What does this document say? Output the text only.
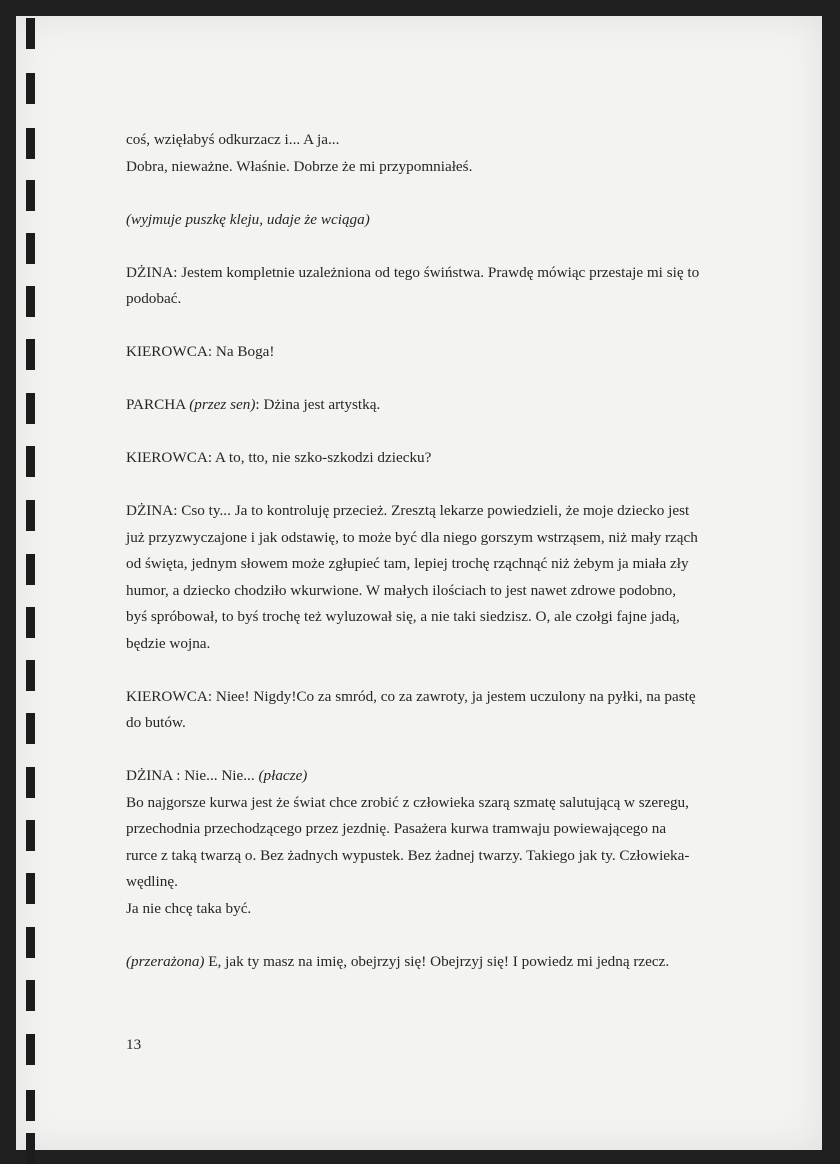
coś, wzięłabyś odkurzacz i... A ja...

Dobra, nieważne. Właśnie. Dobrze że mi przypomniałeś.

(wyjmuje puszkę kleju, udaje że wciąga)

DŻINA: Jestem kompletnie uzależniona od tego świństwa. Prawdę mówiąc przestaje mi się to

podobać.

KIEROWCA: Na Boga!

PARCHA (przez sen): Dżina jest artystką.

KIEROWCA: A to, tto, nie szko-szkodzi dziecku?

DŻINA: Cso ty... Ja to kontroluję przecież. Zresztą lekarze powiedzieli, że moje dziecko jest

już przyzwyczajone i jak odstawię, to może być dla niego gorszym wstrząsem, niż mały rząch

od święta, jednym słowem może zgłupieć tam, lepiej trochę rząchnąć niż żebym ja miała zły

humor, a dziecko chodziło wkurwione. W małych ilościach to jest nawet zdrowe podobno,

byś spróbował, to byś trochę też wyluzował się, a nie taki siedzisz. O, ale czołgi fajne jadą,

będzie wojna.

KIEROWCA: Niee! Nigdy!Co za smród, co za zawroty, ja jestem uczulony na pyłki, na pastę

do butów.

DŻINA : Nie... Nie... (płacze)

Bo najgorsze kurwa jest że świat chce zrobić z człowieka szarą szmatę salutującą w szeregu,

przechodnia przechodzącego przez jezdnię. Pasażera kurwa tramwaju powiewającego na

rurce z taką twarzą o. Bez żadnych wypustek. Bez żadnej twarzy. Takiego jak ty. Człowieka-

wędlinę.

Ja nie chcę taka być.

(przerażona) E, jak ty masz na imię, obejrzyj się! Obejrzyj się! I powiedz mi jedną rzecz.

13
